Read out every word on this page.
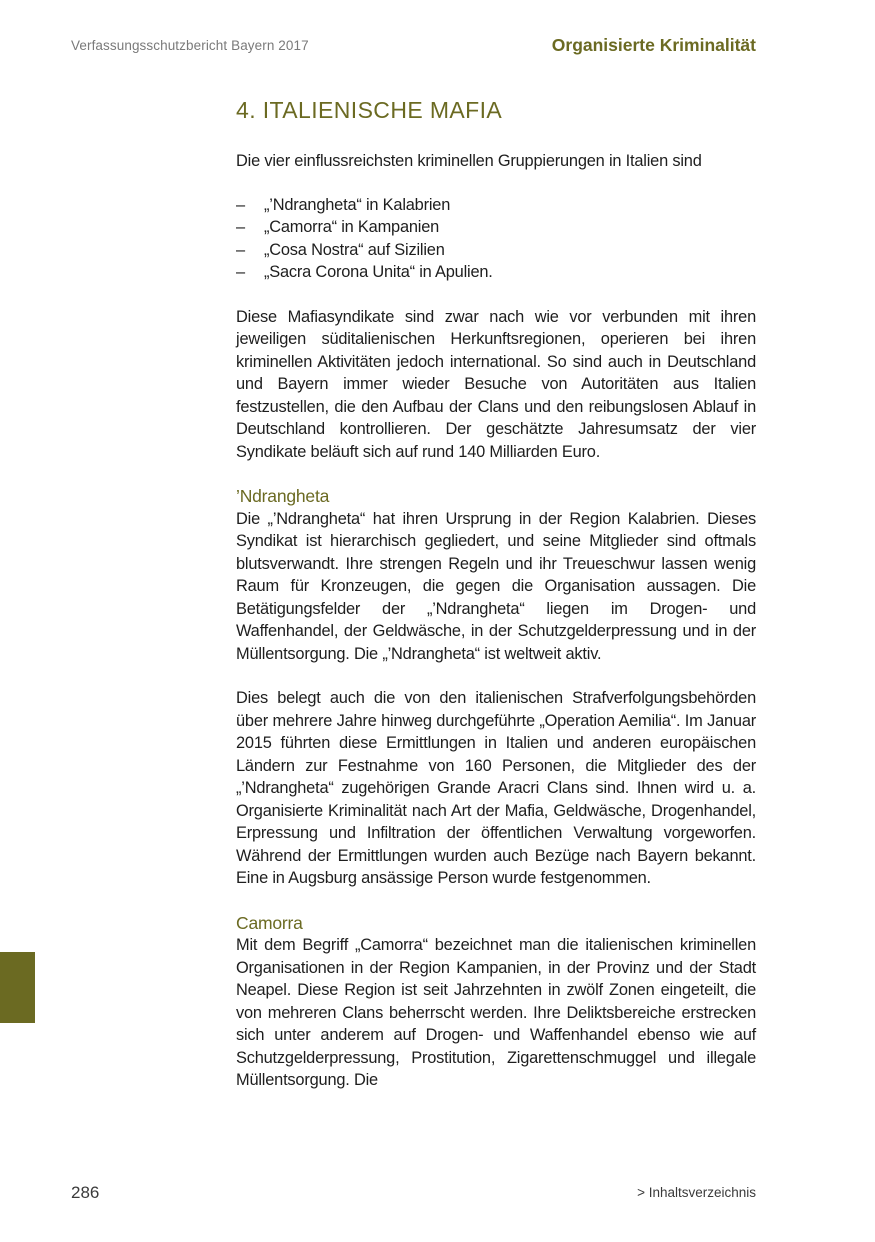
Verfassungsschutzbericht Bayern 2017	Organisierte Kriminalität
4. ITALIENISCHE MAFIA

Die vier einflussreichsten kriminellen Gruppierungen in Italien sind

– „’Ndrangheta“ in Kalabrien
– „Camorra“ in Kampanien
– „Cosa Nostra“ auf Sizilien
– „Sacra Corona Unita“ in Apulien.

Diese Mafiasyndikate sind zwar nach wie vor verbunden mit ihren jeweiligen süditalienischen Herkunftsregionen, operieren bei ihren kriminellen Aktivitäten jedoch international. So sind auch in Deutschland und Bayern immer wieder Besuche von Autoritäten aus Italien festzustellen, die den Aufbau der Clans und den reibungslosen Ablauf in Deutschland kontrollieren. Der geschätzte Jahresumsatz der vier Syndikate beläuft sich auf rund 140 Milliarden Euro.

’Ndrangheta

Die „’Ndrangheta“ hat ihren Ursprung in der Region Kalabrien. Dieses Syndikat ist hierarchisch gegliedert, und seine Mitglieder sind oftmals blutsverwandt. Ihre strengen Regeln und ihr Treueschwur lassen wenig Raum für Kronzeugen, die gegen die Organisation aussagen. Die Betätigungsfelder der „’Ndrangheta“ liegen im Drogen- und Waffenhandel, der Geldwäsche, in der Schutzgelderpressung und in der Müllentsorgung. Die „’Ndrangheta“ ist weltweit aktiv.

Dies belegt auch die von den italienischen Strafverfolgungsbehörden über mehrere Jahre hinweg durchgeführte „Operation Aemilia“. Im Januar 2015 führten diese Ermittlungen in Italien und anderen europäischen Ländern zur Festnahme von 160 Personen, die Mitglieder des der „’Ndrangheta“ zugehörigen Grande Aracri Clans sind. Ihnen wird u. a. Organisierte Kriminalität nach Art der Mafia, Geldwäsche, Drogenhandel, Erpressung und Infiltration der öffentlichen Verwaltung vorgeworfen. Während der Ermittlungen wurden auch Bezüge nach Bayern bekannt. Eine in Augsburg ansässige Person wurde festgenommen.

Camorra

Mit dem Begriff „Camorra“ bezeichnet man die italienischen kriminellen Organisationen in der Region Kampanien, in der Provinz und der Stadt Neapel. Diese Region ist seit Jahrzehnten in zwölf Zonen eingeteilt, die von mehreren Clans beherrscht werden. Ihre Deliktsbereiche erstrecken sich unter anderem auf Drogen- und Waffenhandel ebenso wie auf Schutzgelderpressung, Prostitution, Zigarettenschmuggel und illegale Müllentsorgung. Die

286	> Inhaltsverzeichnis
